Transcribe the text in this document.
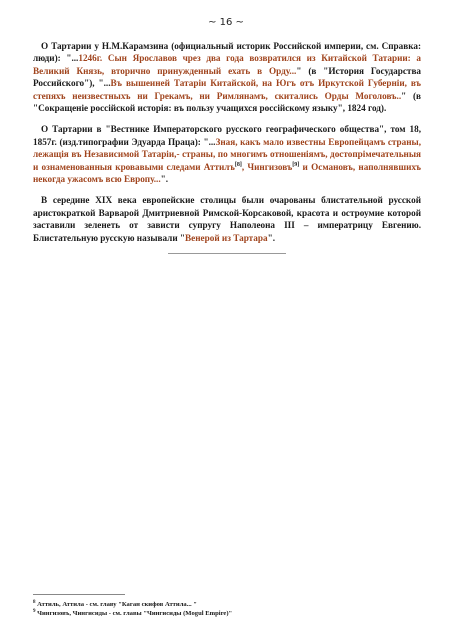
~ 16 ~

О Тартарии у Н.М.Карамзина (официальный историк Российской империи, см. Справка: люди): "...1246г. Сын Ярославов чрез два года возвратился из Китайской Татарии: а Великий Князь, вторично принужденный ехать в Орду..." (в "История Государства Российского"), "...Въ вышеиней Татаріи Китайской, на Югъ отъ Иркутской Губерніи, въ степяхъ неизвестныхъ ни Грекамъ, ни Римлянамъ, скитались Орды Моголовъ.." (в "Сокращеніе россійской исторія: въ пользу учащихся россійскому языку", 1824 год).

О Тартарии в "Вестнике Императорского русского географического общества", том 18, 1857г. (изд.типографии Эдуарда Праца): "...Зная, какъ мало известны Европейцамъ страны, лежащія въ Независимой Татаріи,- страны, по многимъ отношеніямъ, достопрімечательныя и ознаменованныя кровавыми следами Аттилъ[8], Чингизовъ[9] и Османовъ, наполнявшихъ некогда ужасомъ всю Европу...".

В середине XIX века европейские столицы были очарованы блистательной русской аристократкой Варварой Дмитриевной Римской-Корсаковой, красота и остроумие которой заставили зеленеть от зависти супругу Наполеона III – императрицу Евгению. Блистательную русскую называли "Венерой из Тартара".

$^8$ Аттиль, Аттила - см. главу "Каган скифов Аттила... "
$^9$ Чингизовъ, Чингисиды - см. главы "Чингисиды (Mogul Empire)"
